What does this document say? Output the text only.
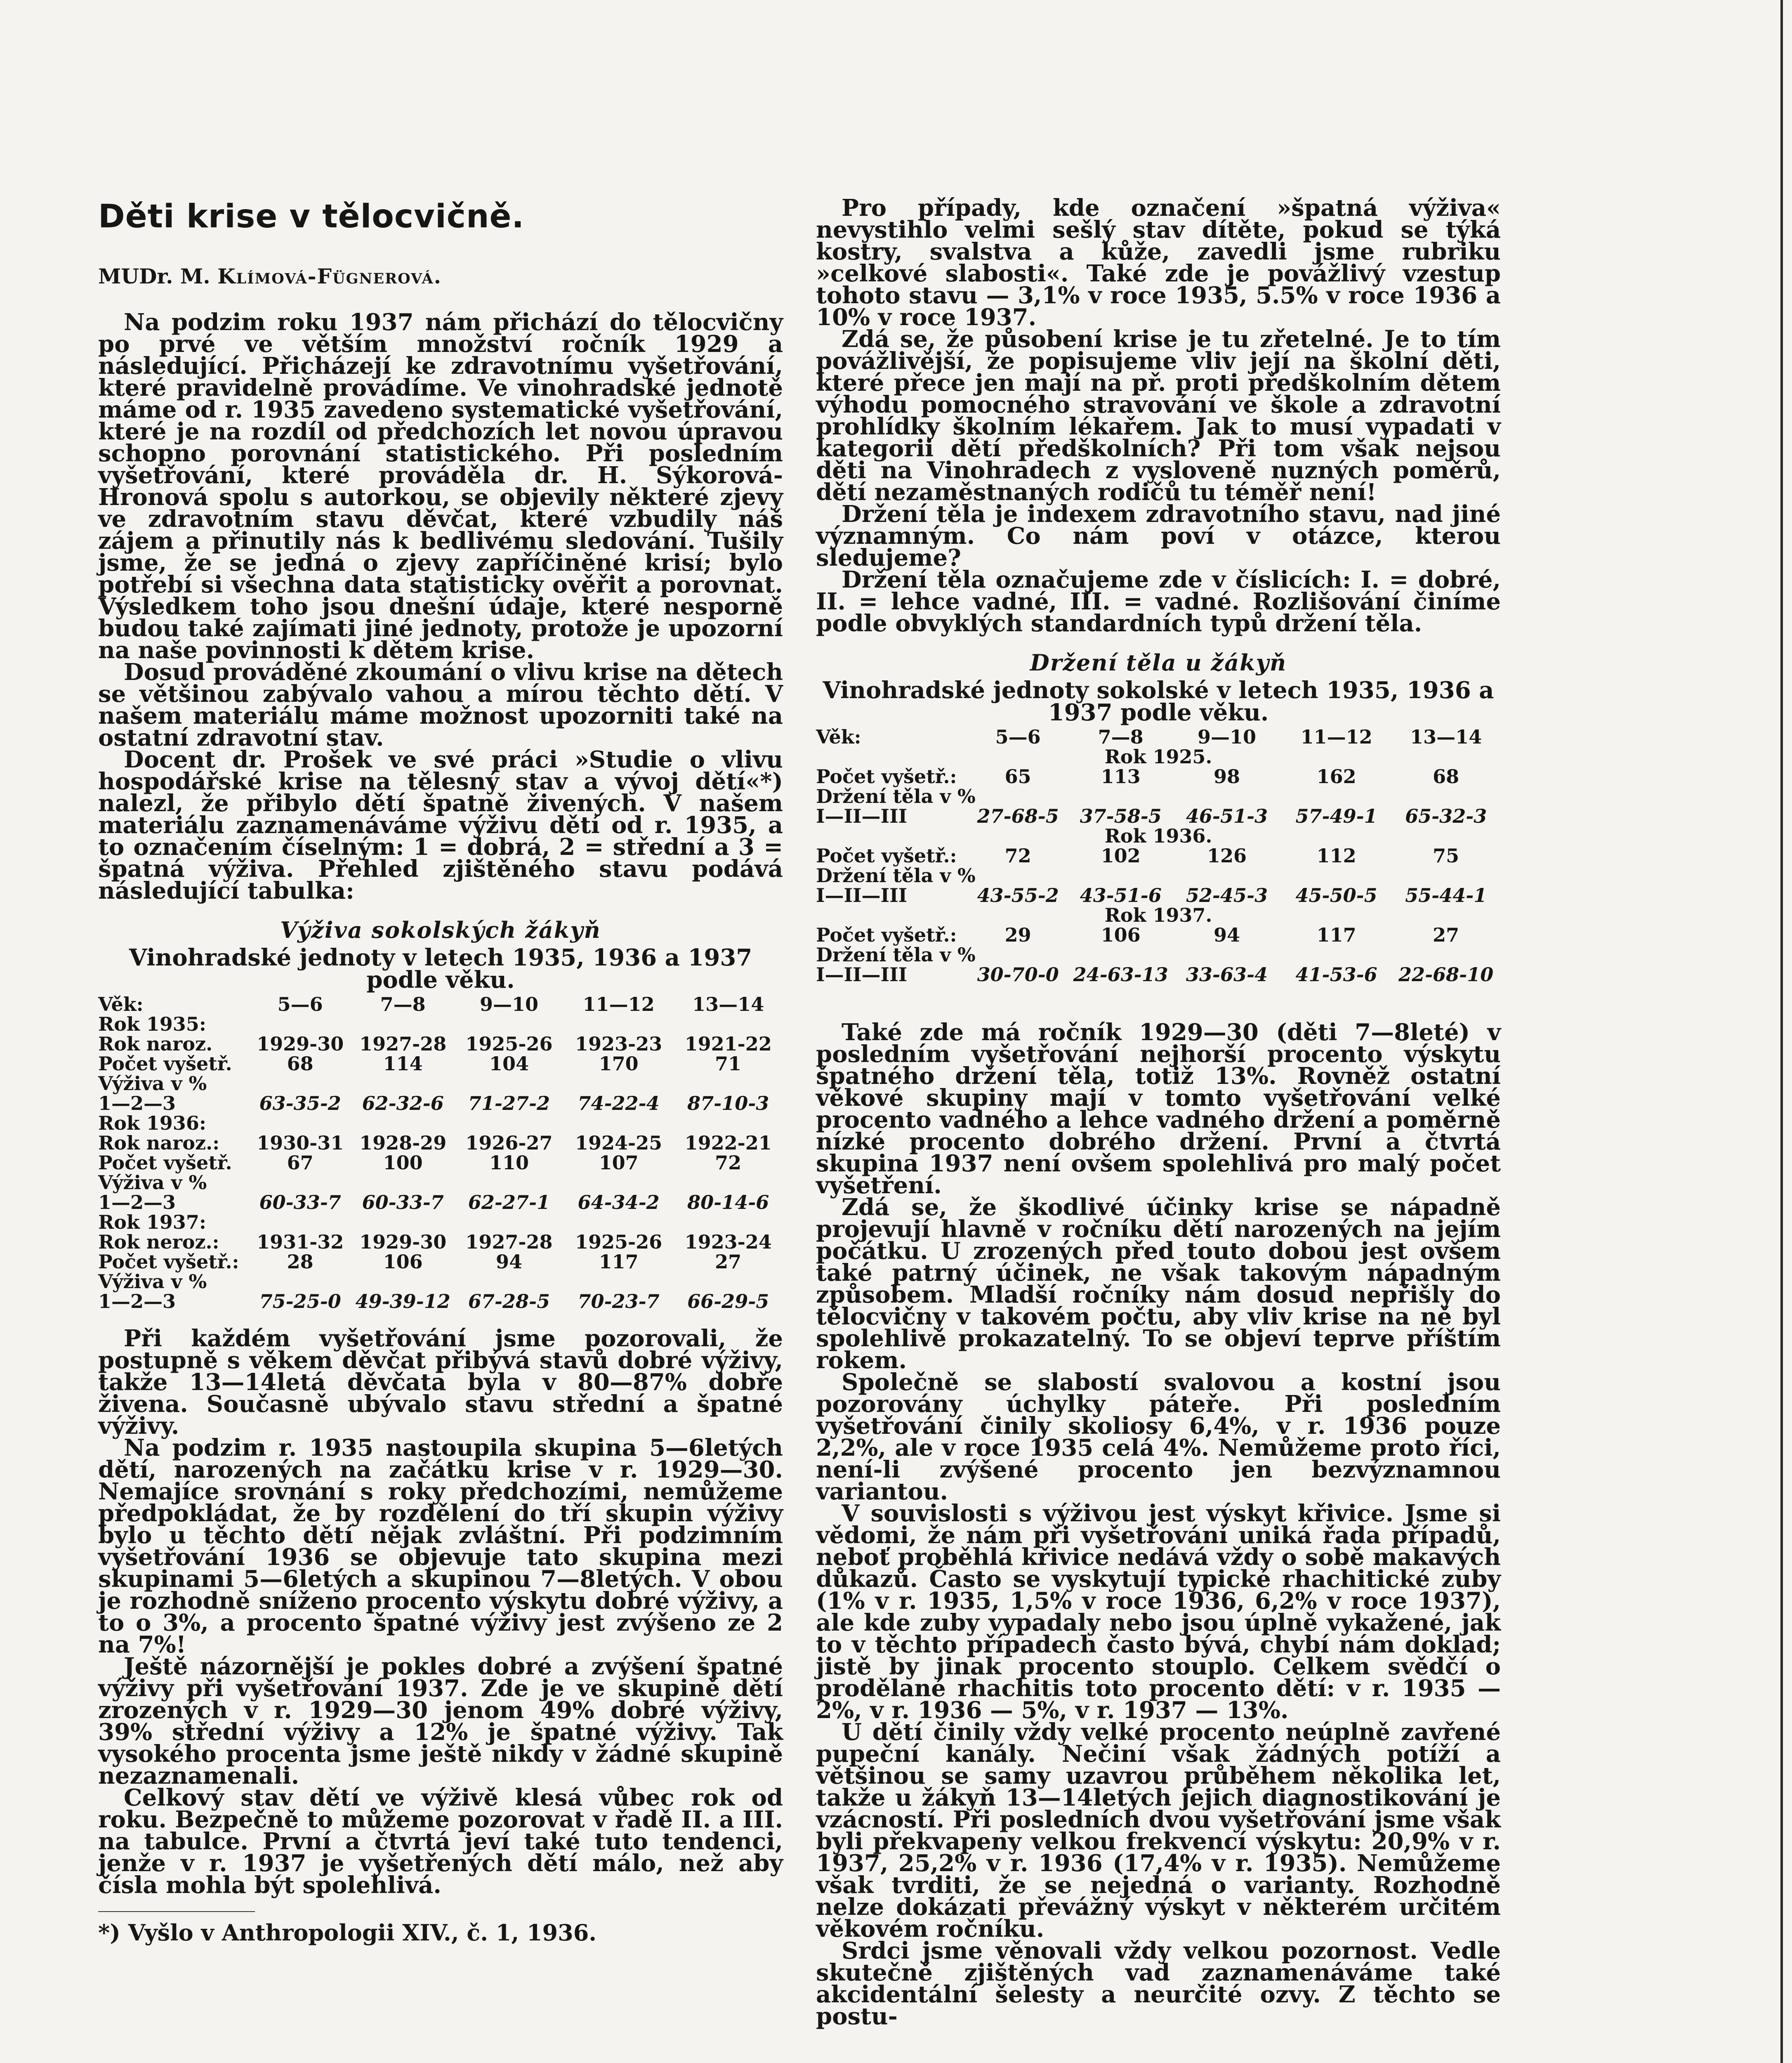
Děti krise v tělocvičně.
MUDr. M. Klímová-Fügnerová.

Na podzim roku 1937 nám přichází do tělocvičny po prvé ve větším množství ročník 1929 a následující. Přicházejí ke zdravotnímu vyšetřování, které pravidelně provádíme. Ve vinohradské jednotě máme od r. 1935 zavedeno systematické vyšetřování, které je na rozdíl od předchozích let novou úpravou schopno porovnání statistického. Při posledním vyšetřování, které prováděla dr. H. Sýkorová-Hronová spolu s autorkou, se objevily některé zjevy ve zdravotním stavu děvčat, které vzbudily náš zájem a přinutily nás k bedlivému sledování. Tušily jsme, že se jedná o zjevy zapříčiněné krisí; bylo potřebí si všechna data statisticky ověřit a porovnat. Výsledkem toho jsou dnešní údaje, které nesporně budou také zajímati jiné jednoty, protože je upozorní na naše povinnosti k dětem krise.

Dosud prováděné zkoumání o vlivu krise na dětech se většinou zabývalo vahou a mírou těchto dětí. V našem materiálu máme možnost upozorniti také na ostatní zdravotní stav.

Docent dr. Prošek ve své práci »Studie o vlivu hospodářské krise na tělesný stav a vývoj dětí«*) nalezl, že přibylo dětí špatně živených. V našem materiálu zaznamenáváme výživu dětí od r. 1935, a to označením číselným: 1 = dobrá, 2 = střední a 3 = špatná výživa. Přehled zjištěného stavu podává následující tabulka:

Výživa sokolských žákyň
Vinohradské jednoty v letech 1935, 1936 a 1937 podle věku.
Věk:	5—6	7—8	9—10	11—12	13—14
Rok 1935:					
Rok naroz.	1929-30	1927-28	1925-26	1923-23	1921-22
Počet vyšetř.	68	114	104	170	71
Výživa v %					
1—2—3	63-35-2	62-32-6	71-27-2	74-22-4	87-10-3
Rok 1936:					
Rok naroz.:	1930-31	1928-29	1926-27	1924-25	1922-21
Počet vyšetř.	67	100	110	107	72
Výživa v %					
1—2—3	60-33-7	60-33-7	62-27-1	64-34-2	80-14-6
Rok 1937:					
Rok neroz.:	1931-32	1929-30	1927-28	1925-26	1923-24
Počet vyšetř.:	28	106	94	117	27
Výživa v %					
1—2—3	75-25-0	49-39-12	67-28-5	70-23-7	66-29-5

Při každém vyšetřování jsme pozorovali, že postupně s věkem děvčat přibývá stavů dobré výživy, takže 13—14letá děvčata byla v 80—87% dobře živena. Současně ubývalo stavu střední a špatné výživy.

Na podzim r. 1935 nastoupila skupina 5—6letých dětí, narozených na začátku krise v r. 1929—30. Nemajíce srovnání s roky předchozími, nemůžeme předpokládat, že by rozdělení do tří skupin výživy bylo u těchto dětí nějak zvláštní. Při podzimním vyšetřování 1936 se objevuje tato skupina mezi skupinami 5—6letých a skupinou 7—8letých. V obou je rozhodně sníženo procento výskytu dobré výživy, a to o 3%, a procento špatné výživy jest zvýšeno ze 2 na 7%!

Ještě názornější je pokles dobré a zvýšení špatné výživy při vyšetřování 1937. Zde je ve skupině dětí zrozených v r. 1929—30 jenom 49% dobré výživy, 39% střední výživy a 12% je špatné výživy. Tak vysokého procenta jsme ještě nikdy v žádné skupině nezaznamenali.

Celkový stav dětí ve výživě klesá vůbec rok od roku. Bezpečně to můžeme pozorovat v řadě II. a III. na tabulce. První a čtvrtá jeví také tuto tendenci, jenže v r. 1937 je vyšetřených dětí málo, než aby čísla mohla být spolehlivá.

*) Vyšlo v Anthropologii XIV., č. 1, 1936.

Pro případy, kde označení »špatná výživa« nevystihlo velmi sešlý stav dítěte, pokud se týká kostry, svalstva a kůže, zavedli jsme rubriku »celkové slabosti«. Také zde je povážlivý vzestup tohoto stavu — 3,1% v roce 1935, 5.5% v roce 1936 a 10% v roce 1937.

Zdá se, že působení krise je tu zřetelné. Je to tím povážlivější, že popisujeme vliv její na školní děti, které přece jen mají na př. proti předškolním dětem výhodu pomocného stravování ve škole a zdravotní prohlídky školním lékařem. Jak to musí vypadati v kategorii dětí předškolních? Při tom však nejsou děti na Vinohradech z vysloveně nuzných poměrů, dětí nezaměstnaných rodičů tu téměř není!

Držení těla je indexem zdravotního stavu, nad jiné významným. Co nám poví v otázce, kterou sledujeme?

Držení těla označujeme zde v číslicích: I. = dobré, II. = lehce vadné, III. = vadné. Rozlišování činíme podle obvyklých standardních typů držení těla.

Držení těla u žákyň
Vinohradské jednoty sokolské v letech 1935, 1936 a 1937 podle věku.
Věk:	5—6	7—8	9—10	11—12	13—14
Rok 1925.					
Počet vyšetř.:	65	113	98	162	68
Držení těla v %					
I—II—III	27-68-5	37-58-5	46-51-3	57-49-1	65-32-3
Rok 1936.					
Počet vyšetř.:	72	102	126	112	75
Držení těla v %					
I—II—III	43-55-2	43-51-6	52-45-3	45-50-5	55-44-1
Rok 1937.					
Počet vyšetř.:	29	106	94	117	27
Držení těla v %					
I—II—III	30-70-0	24-63-13	33-63-4	41-53-6	22-68-10

Také zde má ročník 1929—30 (děti 7—8leté) v posledním vyšetřování nejhorší procento výskytu špatného držení těla, totiž 13%. Rovněž ostatní věkové skupiny mají v tomto vyšetřování velké procento vadného a lehce vadného držení a poměrně nízké procento dobrého držení. První a čtvrtá skupina 1937 není ovšem spolehlivá pro malý počet vyšetření.

Zdá se, že škodlivé účinky krise se nápadně projevují hlavně v ročníku dětí narozených na jejím počátku. U zrozených před touto dobou jest ovšem také patrný účinek, ne však takovým nápadným způsobem. Mladší ročníky nám dosud nepřišly do tělocvičny v takovém počtu, aby vliv krise na ně byl spolehlivě prokazatelný. To se objeví teprve příštím rokem.

Společně se slabostí svalovou a kostní jsou pozorovány úchylky páteře. Při posledním vyšetřování činily skoliosy 6,4%, v r. 1936 pouze 2,2%, ale v roce 1935 celá 4%. Nemůžeme proto říci, není-li zvýšené procento jen bezvýznamnou variantou.

V souvislosti s výživou jest výskyt křivice. Jsme si vědomi, že nám při vyšetřování uniká řada případů, neboť proběhlá křivice nedává vždy o sobě makavých důkazů. Často se vyskytují typické rhachitické zuby (1% v r. 1935, 1,5% v roce 1936, 6,2% v roce 1937), ale kde zuby vypadaly nebo jsou úplně vykažené, jak to v těchto případech často bývá, chybí nám doklad; jistě by jinak procento stouplo. Celkem svědčí o prodělané rhachitis toto procento dětí: v r. 1935 — 2%, v r. 1936 — 5%, v r. 1937 — 13%.

U dětí činily vždy velké procento neúplně zavřené pupeční kanály. Nečiní však žádných potíží a většinou se samy uzavrou průběhem několika let, takže u žákyň 13—14letých jejich diagnostikování je vzácností. Při posledních dvou vyšetřování jsme však byli překvapeny velkou frekvencí výskytu: 20,9% v r. 1937, 25,2% v r. 1936 (17,4% v r. 1935). Nemůžeme však tvrditi, že se nejedná o varianty. Rozhodně nelze dokázati převážný výskyt v některém určitém věkovém ročníku.

Srdci jsme věnovali vždy velkou pozornost. Vedle skutečně zjištěných vad zaznamenáváme také akcidentální šelesty a neurčité ozvy. Z těchto se postu-
